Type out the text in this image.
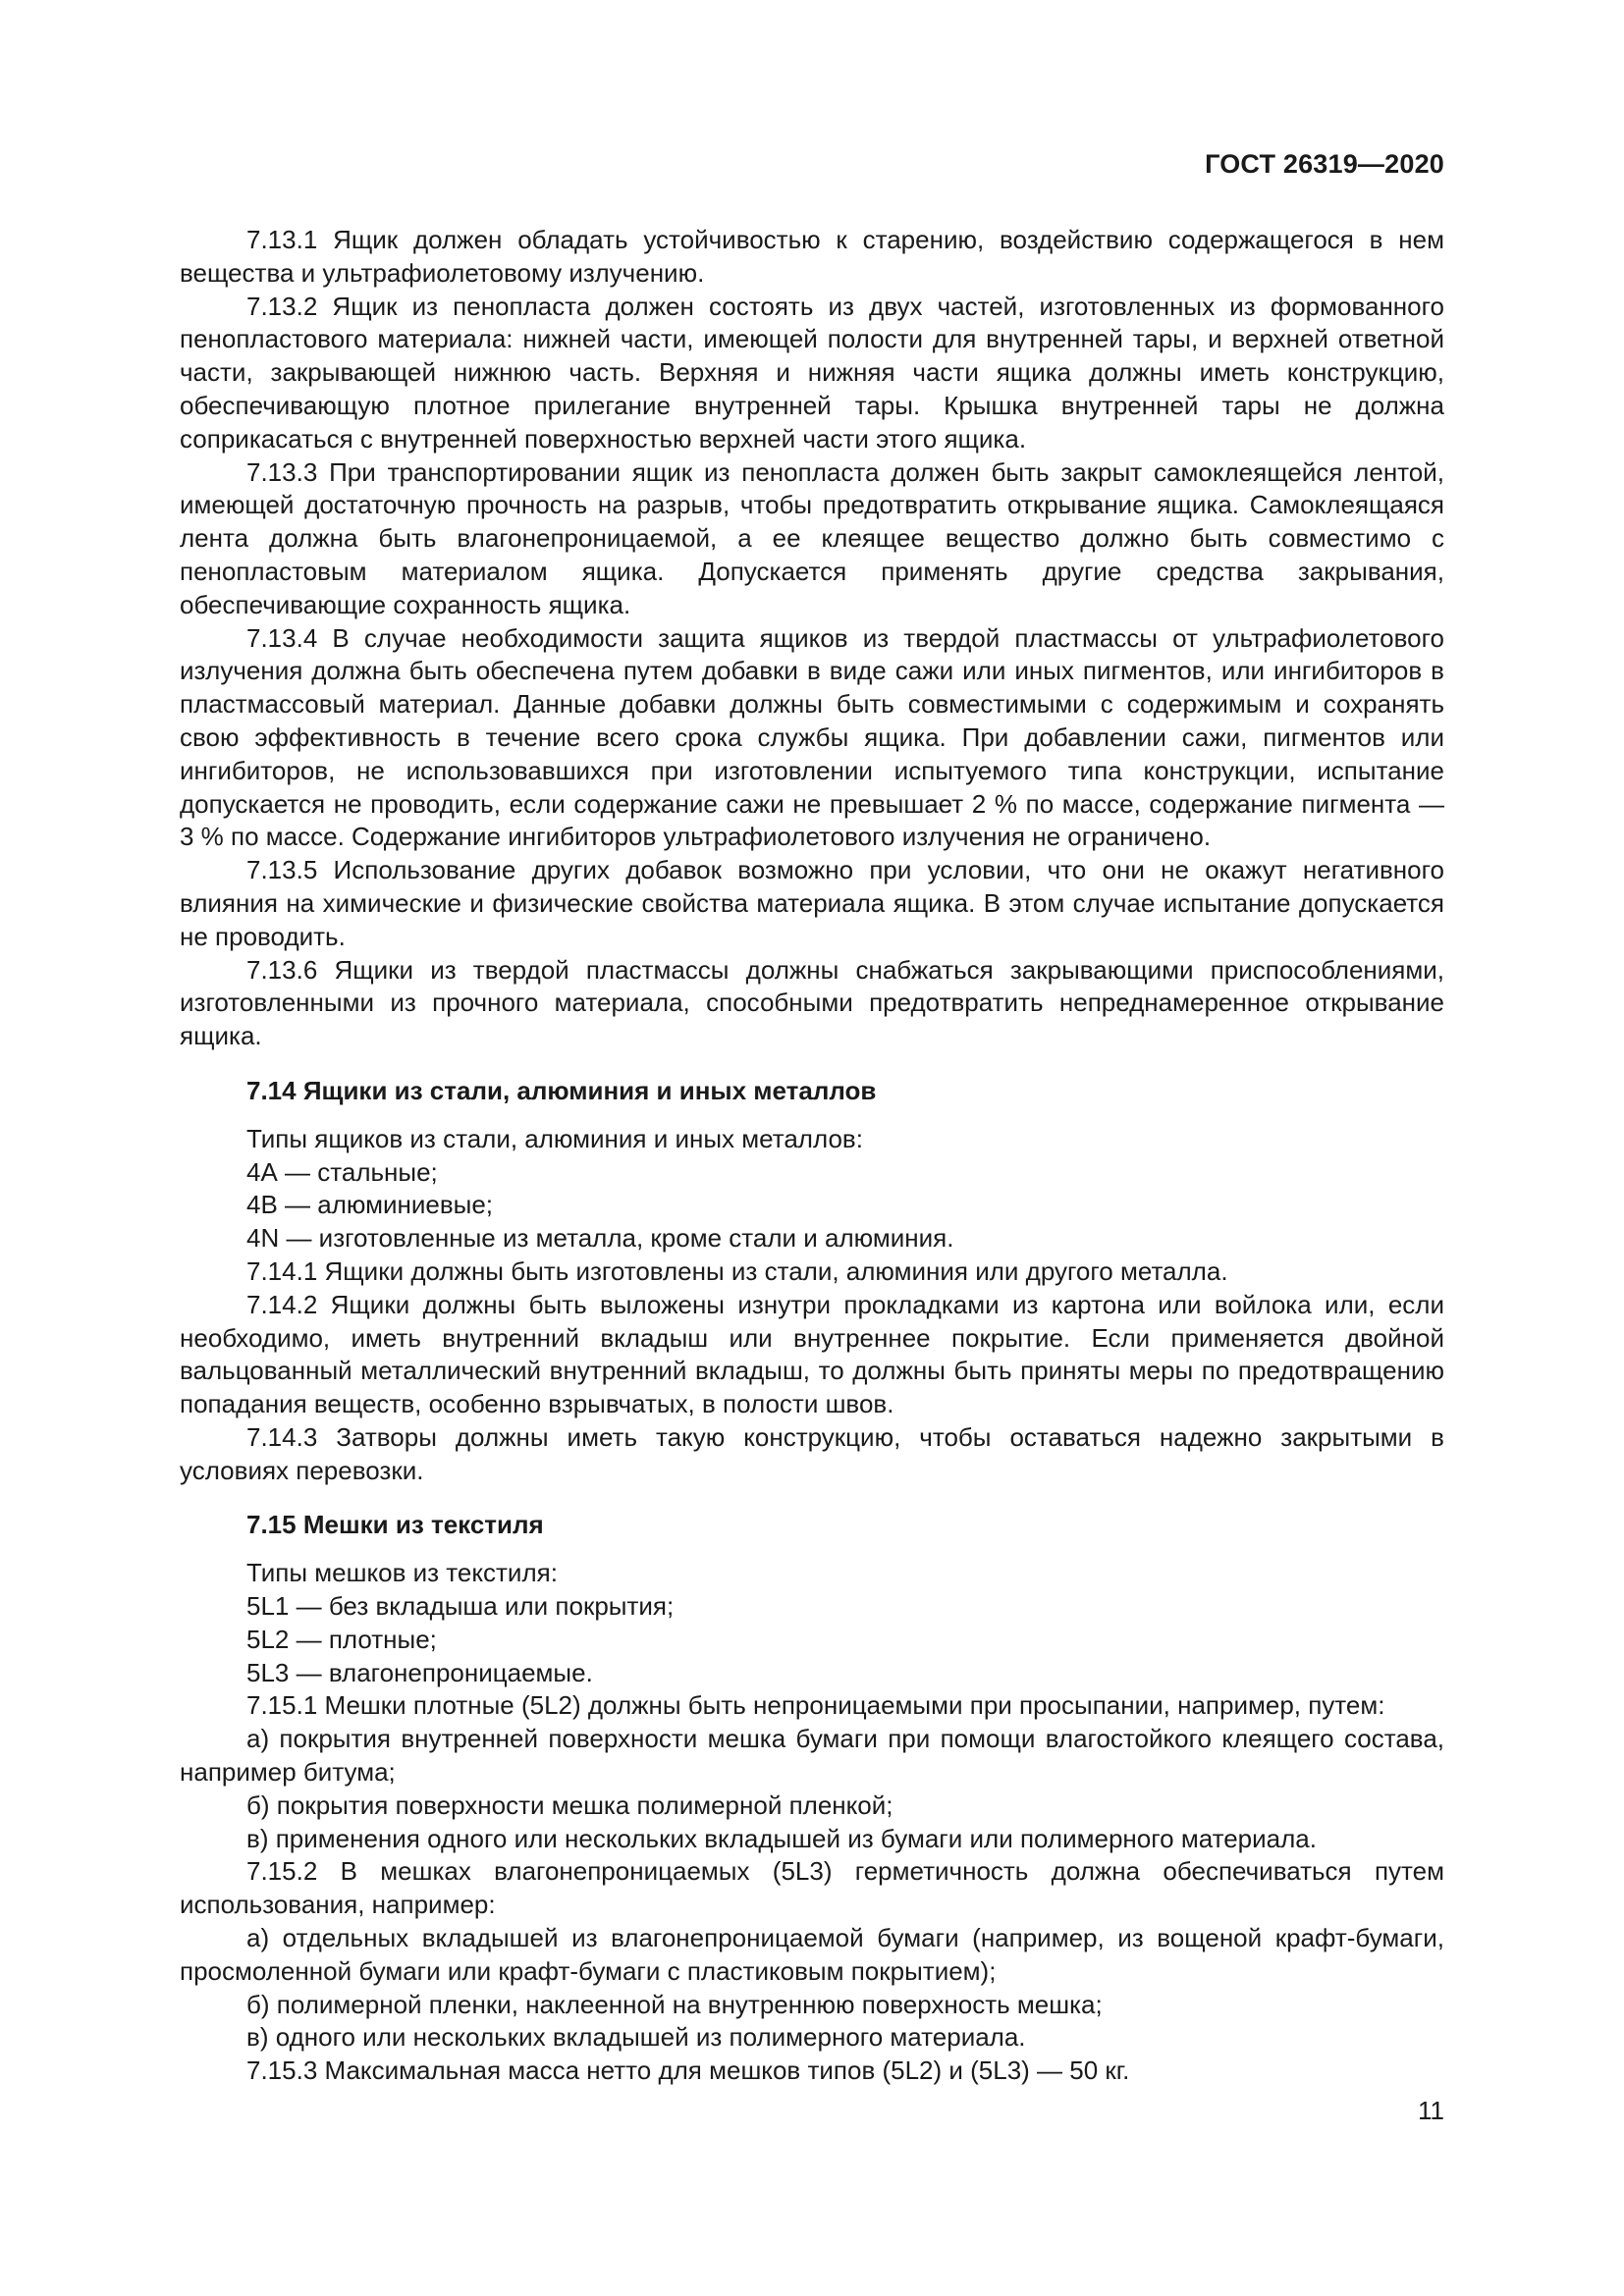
ГОСТ 26319—2020

7.13.1 Ящик должен обладать устойчивостью к старению, воздействию содержащегося в нем вещества и ультрафиолетовому излучению.

7.13.2 Ящик из пенопласта должен состоять из двух частей, изготовленных из формованного пенопластового материала: нижней части, имеющей полости для внутренней тары, и верхней ответной части, закрывающей нижнюю часть. Верхняя и нижняя части ящика должны иметь конструкцию, обеспечивающую плотное прилегание внутренней тары. Крышка внутренней тары не должна соприкасаться с внутренней поверхностью верхней части этого ящика.

7.13.3 При транспортировании ящик из пенопласта должен быть закрыт самоклеящейся лентой, имеющей достаточную прочность на разрыв, чтобы предотвратить открывание ящика. Самоклеящаяся лента должна быть влагонепроницаемой, а ее клеящее вещество должно быть совместимо с пенопластовым материалом ящика. Допускается применять другие средства закрывания, обеспечивающие сохранность ящика.

7.13.4 В случае необходимости защита ящиков из твердой пластмассы от ультрафиолетового излучения должна быть обеспечена путем добавки в виде сажи или иных пигментов, или ингибиторов в пластмассовый материал. Данные добавки должны быть совместимыми с содержимым и сохранять свою эффективность в течение всего срока службы ящика. При добавлении сажи, пигментов или ингибиторов, не использовавшихся при изготовлении испытуемого типа конструкции, испытание допускается не проводить, если содержание сажи не превышает 2 % по массе, содержание пигмента — 3 % по массе. Содержание ингибиторов ультрафиолетового излучения не ограничено.

7.13.5 Использование других добавок возможно при условии, что они не окажут негативного влияния на химические и физические свойства материала ящика. В этом случае испытание допускается не проводить.

7.13.6 Ящики из твердой пластмассы должны снабжаться закрывающими приспособлениями, изготовленными из прочного материала, способными предотвратить непреднамеренное открывание ящика.

7.14 Ящики из стали, алюминия и иных металлов

Типы ящиков из стали, алюминия и иных металлов:

4А — стальные;

4В — алюминиевые;

4N — изготовленные из металла, кроме стали и алюминия.

7.14.1 Ящики должны быть изготовлены из стали, алюминия или другого металла.

7.14.2 Ящики должны быть выложены изнутри прокладками из картона или войлока или, если необходимо, иметь внутренний вкладыш или внутреннее покрытие. Если применяется двойной вальцованный металлический внутренний вкладыш, то должны быть приняты меры по предотвращению попадания веществ, особенно взрывчатых, в полости швов.

7.14.3 Затворы должны иметь такую конструкцию, чтобы оставаться надежно закрытыми в условиях перевозки.

7.15 Мешки из текстиля

Типы мешков из текстиля:

5L1 — без вкладыша или покрытия;

5L2 — плотные;

5L3 — влагонепроницаемые.

7.15.1 Мешки плотные (5L2) должны быть непроницаемыми при просыпании, например, путем:

а) покрытия внутренней поверхности мешка бумаги при помощи влагостойкого клеящего состава, например битума;

б) покрытия поверхности мешка полимерной пленкой;

в) применения одного или нескольких вкладышей из бумаги или полимерного материала.

7.15.2 В мешках влагонепроницаемых (5L3) герметичность должна обеспечиваться путем использования, например:

а) отдельных вкладышей из влагонепроницаемой бумаги (например, из вощеной крафт-бумаги, просмоленной бумаги или крафт-бумаги с пластиковым покрытием);

б) полимерной пленки, наклеенной на внутреннюю поверхность мешка;

в) одного или нескольких вкладышей из полимерного материала.

7.15.3 Максимальная масса нетто для мешков типов (5L2) и (5L3) — 50 кг.

11
